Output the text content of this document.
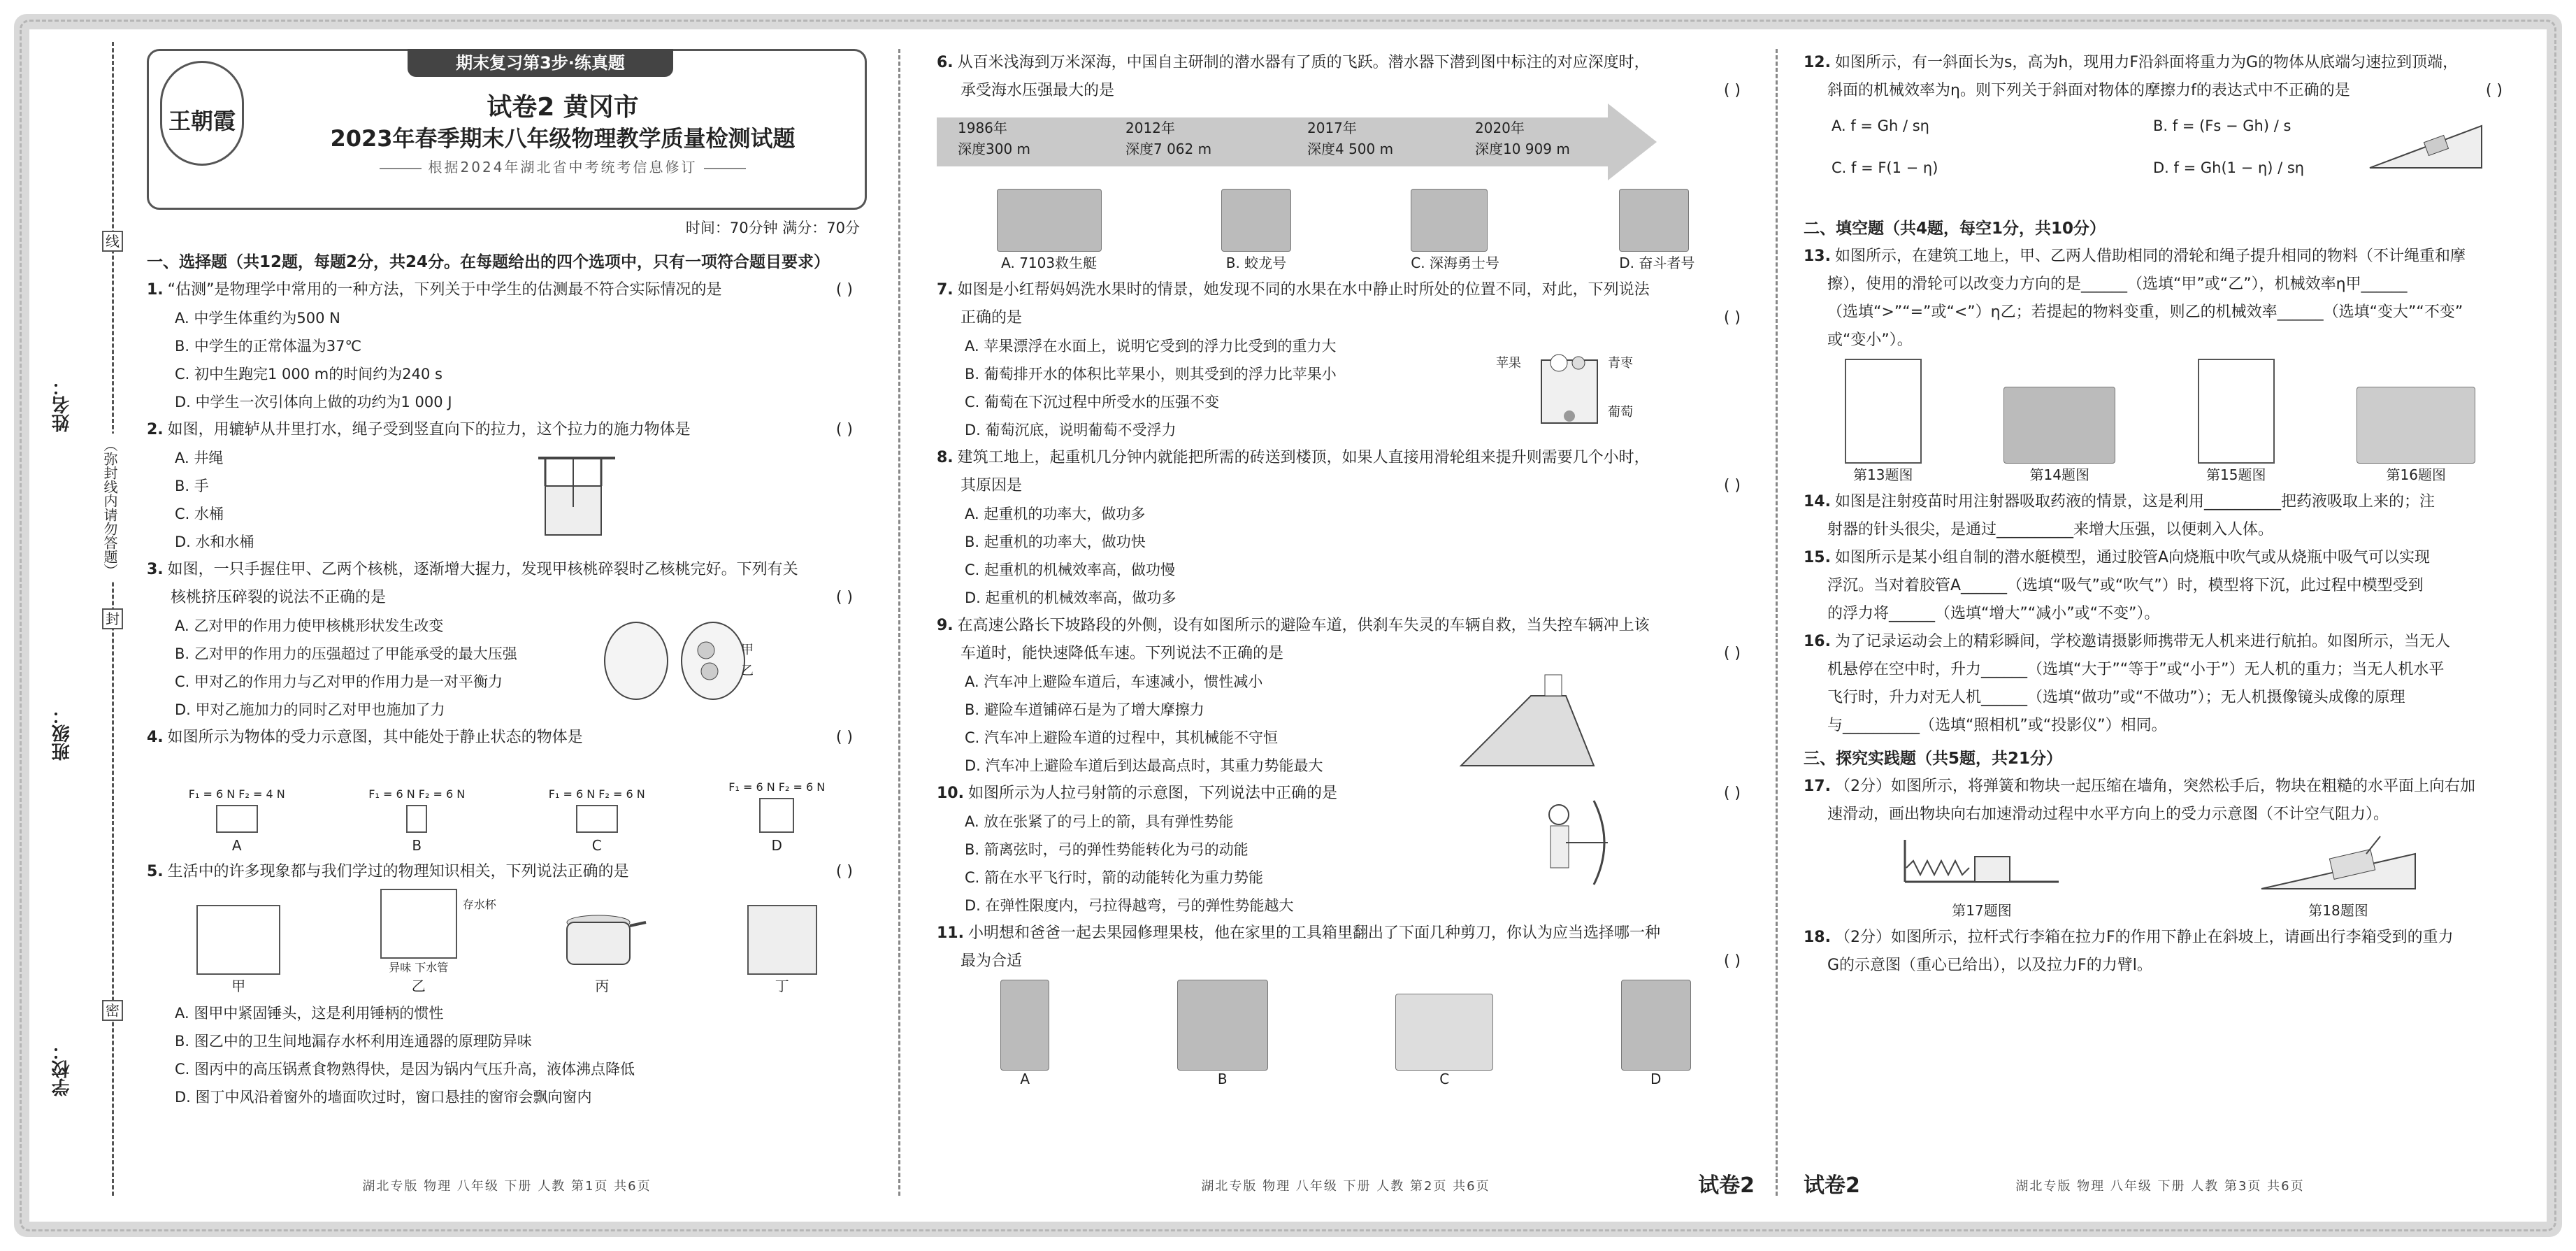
线
封
密
姓名：
班级：
学校：
（弥封线内请勿答题）
期末复习第3步·练真题
王朝霞	试卷2 黄冈市
2023年春季期末八年级物理教学质量检测试题
根据2024年湖北省中考统考信息修订
时间：70分钟 满分：70分
一、选择题（共12题，每题2分，共24分。在每题给出的四个选项中，只有一项符合题目要求）
1. “估测”是物理学中常用的一种方法，下列关于中学生的估测最不符合实际情况的是	( )
A. 中学生体重约为500 N
B. 中学生的正常体温为37℃
C. 初中生跑完1 000 m的时间约为240 s
D. 中学生一次引体向上做的功约为1 000 J
2. 如图，用辘轳从井里打水，绳子受到竖直向下的拉力，这个拉力的施力物体是	( )
A. 井绳
B. 手
C. 水桶
D. 水和水桶
3. 如图，一只手握住甲、乙两个核桃，逐渐增大握力，发现甲核桃碎裂时乙核桃完好。下列有关
核桃挤压碎裂的说法不正确的是	( )
A. 乙对甲的作用力使甲核桃形状发生改变
B. 乙对甲的作用力的压强超过了甲能承受的最大压强
C. 甲对乙的作用力与乙对甲的作用力是一对平衡力
D. 甲对乙施加力的同时乙对甲也施加了力
甲
乙
4. 如图所示为物体的受力示意图，其中能处于静止状态的物体是	( )
F₁ = 6 N F₂ = 4 N
A
F₁ = 6 N F₂ = 6 N
B
F₁ = 6 N F₂ = 6 N
C
F₁ = 6 N F₂ = 6 N
D
5. 生活中的许多现象都与我们学过的物理知识相关，下列说法正确的是	( )
甲
存水杯
异味 下水管
乙	丙	丁
A. 图甲中紧固锤头，这是利用锤柄的惯性
B. 图乙中的卫生间地漏存水杯利用连通器的原理防异味
C. 图丙中的高压锅煮食物熟得快，是因为锅内气压升高，液体沸点降低
D. 图丁中风沿着窗外的墙面吹过时，窗口悬挂的窗帘会飘向窗内
湖北专版 物理 八年级 下册 人教 第1页 共6页
6. 从百米浅海到万米深海，中国自主研制的潜水器有了质的飞跃。潜水器下潜到图中标注的对应深度时，
承受海水压强最大的是	( )
1986年
深度300 m
2012年
深度7 062 m
2017年
深度4 500 m
2020年
深度10 909 m
A. 7103救生艇	B. 蛟龙号	C. 深海勇士号	D. 奋斗者号
7. 如图是小红帮妈妈洗水果时的情景，她发现不同的水果在水中静止时所处的位置不同，对此，下列说法
正确的是	( )
A. 苹果漂浮在水面上，说明它受到的浮力比受到的重力大
B. 葡萄排开水的体积比苹果小，则其受到的浮力比苹果小
C. 葡萄在下沉过程中所受水的压强不变
D. 葡萄沉底，说明葡萄不受浮力
苹果	青枣
葡萄
8. 建筑工地上，起重机几分钟内就能把所需的砖送到楼顶，如果人直接用滑轮组来提升则需要几个小时，
其原因是	( )
A. 起重机的功率大，做功多
B. 起重机的功率大，做功快
C. 起重机的机械效率高，做功慢
D. 起重机的机械效率高，做功多
9. 在高速公路长下坡路段的外侧，设有如图所示的避险车道，供刹车失灵的车辆自救，当失控车辆冲上该
车道时，能快速降低车速。下列说法不正确的是	( )
A. 汽车冲上避险车道后，车速减小，惯性减小
B. 避险车道铺碎石是为了增大摩擦力
C. 汽车冲上避险车道的过程中，其机械能不守恒
D. 汽车冲上避险车道后到达最高点时，其重力势能最大
10. 如图所示为人拉弓射箭的示意图，下列说法中正确的是	( )
A. 放在张紧了的弓上的箭，具有弹性势能
B. 箭离弦时，弓的弹性势能转化为弓的动能
C. 箭在水平飞行时，箭的动能转化为重力势能
D. 在弹性限度内，弓拉得越弯，弓的弹性势能越大
11. 小明想和爸爸一起去果园修理果枝，他在家里的工具箱里翻出了下面几种剪刀，你认为应当选择哪一种
最为合适	( )
A	B	C	D
湖北专版 物理 八年级 下册 人教 第2页 共6页	试卷2
12. 如图所示，有一斜面长为s，高为h，现用力F沿斜面将重力为G的物体从底端匀速拉到顶端，
斜面的机械效率为η。则下列关于斜面对物体的摩擦力f的表达式中不正确的是	( )
A. f = Gh / sη	B. f = (Fs − Gh) / s
C. f = F(1 − η)	D. f = Gh(1 − η) / sη
二、填空题（共4题，每空1分，共10分）
13. 如图所示，在建筑工地上，甲、乙两人借助相同的滑轮和绳子提升相同的物料（不计绳重和摩
擦），使用的滑轮可以改变力方向的是______（选填“甲”或“乙”），机械效率η甲______
（选填“>”“=”或“<”）η乙；若提起的物料变重，则乙的机械效率______（选填“变大”“不变”
或“变小”）。
第13题图	第14题图	第15题图	第16题图
14. 如图是注射疫苗时用注射器吸取药液的情景，这是利用__________把药液吸取上来的；注
射器的针头很尖，是通过__________来增大压强，以便刺入人体。
15. 如图所示是某小组自制的潜水艇模型，通过胶管A向烧瓶中吹气或从烧瓶中吸气可以实现
浮沉。当对着胶管A______（选填“吸气”或“吹气”）时，模型将下沉，此过程中模型受到
的浮力将______（选填“增大”“减小”或“不变”）。
16. 为了记录运动会上的精彩瞬间，学校邀请摄影师携带无人机来进行航拍。如图所示，当无人
机悬停在空中时，升力______（选填“大于”“等于”或“小于”）无人机的重力；当无人机水平
飞行时，升力对无人机______（选填“做功”或“不做功”）；无人机摄像镜头成像的原理
与__________（选填“照相机”或“投影仪”）相同。
三、探究实践题（共5题，共21分）
17. （2分）如图所示，将弹簧和物块一起压缩在墙角，突然松手后，物块在粗糙的水平面上向右加
速滑动，画出物块向右加速滑动过程中水平方向上的受力示意图（不计空气阻力）。
第17题图	第18题图
18. （2分）如图所示，拉杆式行李箱在拉力F的作用下静止在斜坡上，请画出行李箱受到的重力
G的示意图（重心已给出），以及拉力F的力臂l。
湖北专版 物理 八年级 下册 人教 第3页 共6页
试卷2
